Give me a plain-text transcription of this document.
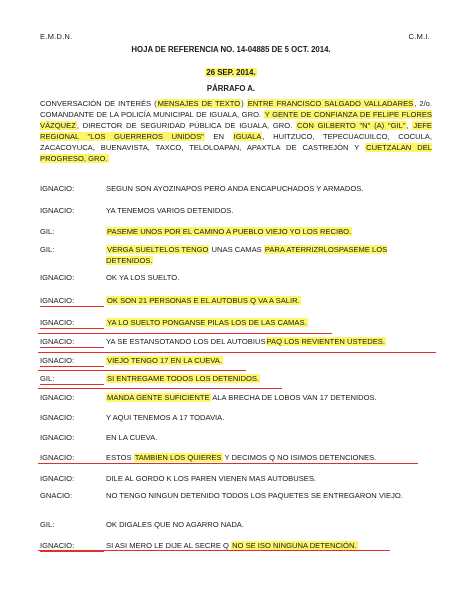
E.M.D.N.	C.M.I.
HOJA DE REFERENCIA NO. 14-04885 DE 5 OCT. 2014.
26 SEP. 2014.
PÁRRAFO A.
CONVERSACIÓN DE INTERÉS (MENSAJES DE TEXTO) ENTRE FRANCISCO SALGADO VALLADARES, 2/o. COMANDANTE DE LA POLICÍA MUNICIPAL DE IGUALA, GRO. Y GENTE DE CONFIANZA DE FELIPE FLORES VÁZQUEZ, DIRECTOR DE SEGURIDAD PÚBLICA DE IGUALA, GRO. CON GILBERTO "N" (A) "GIL", JEFE REGIONAL "LOS GUERREROS UNIDOS" EN IGUALA, HUITZUCO, TEPECUACUILCO, COCULA, ZACACOYUCA, BUENAVISTA, TAXCO, TELOLOAPAN, APAXTLA DE CASTREJÓN Y CUETZALAN DEL PROGRESO, GRO.
IGNACIO:	SEGUN SON AYOZINAPOS PERO ANDA ENCAPUCHADOS Y ARMADOS.
IGNACIO:	YA TENEMOS VARIOS DETENIDOS.
GIL:	PASEME UNOS POR EL CAMINO A PUEBLO VIEJO YO LOS RECIBO.
GIL:	VERGA SUELTELOS TENGO UNAS CAMAS PARA ATERRIZRLOSPASEME LOS DETENIDOS.
IGNACIO:	OK YA LOS SUELTO.
IGNACIO:	OK SON 21 PERSONAS E EL AUTOBUS Q VA A SALIR.
IGNACIO:	YA LO SUELTO PONGANSE PILAS LOS DE LAS CAMAS.
IGNACIO:	YA SE ESTANSOTANDO LOS DEL AUTOBIUSPAQ LOS REVIENTEN USTEDES.
IGNACIO:	VIEJO TENGO 17 EN LA CUEVA.
GIL:	SI ENTREGAME TODOS LOS DETENIDOS.
IGNACIO:	MANDA GENTE SUFICIENTE ALA BRECHA DE LOBOS VAN 17 DETENIDOS.
IGNACIO:	Y AQUI TENEMOS A 17 TODAVIA.
IGNACIO:	EN LA CUEVA.
IGNACIO:	ESTOS TAMBIEN LOS QUIERES Y DECIMOS Q NO ISIMOS DETENCIONES.
IGNACIO:	DILE AL GORDO K LOS PAREN VIENEN MAS AUTOBUSES.
GNACIO:	NO TENGO NINGUN DETENIDO TODOS LOS PAQUETES SE ENTREGARON VIEJO.
GIL:	OK DIGALES QUE NO AGARRO NADA.
IGNACIO:	SI ASI MERO LE DIJE AL SECRE Q NO SE ISO NINGUNA DETENCIÓN.
